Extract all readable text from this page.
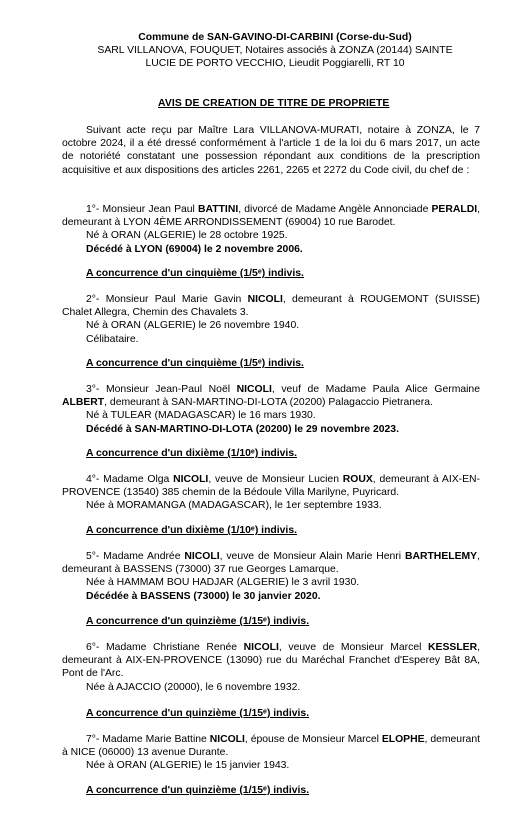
Commune de SAN-GAVINO-DI-CARBINI (Corse-du-Sud)
SARL VILLANOVA, FOUQUET, Notaires associés à ZONZA (20144) SAINTE
LUCIE DE PORTO VECCHIO, Lieudit Poggiarelli, RT 10
AVIS DE CREATION DE TITRE DE PROPRIETE
Suivant acte reçu par Maître Lara VILLANOVA-MURATI, notaire à ZONZA, le 7 octobre 2024, il a été dressé conformément à l'article 1 de la loi du 6 mars 2017, un acte de notoriété constatant une possession répondant aux conditions de la prescription acquisitive et aux dispositions des articles 2261, 2265 et 2272 du Code civil, du chef de :

1°- Monsieur Jean Paul BATTINI, divorcé de Madame Angèle Annonciade PERALDI, demeurant à LYON 4ÈME ARRONDISSEMENT (69004) 10 rue Barodet.

Né à ORAN (ALGERIE) le 28 octobre 1925.

Décédé à LYON (69004) le 2 novembre 2006.

A concurrence d'un cinquième (1/5ᵉ) indivis.

2°- Monsieur Paul Marie Gavin NICOLI, demeurant à ROUGEMONT (SUISSE) Chalet Allegra, Chemin des Chavalets 3.

Né à ORAN (ALGERIE) le 26 novembre 1940.

Célibataire.

A concurrence d'un cinquième (1/5ᵉ) indivis.

3°- Monsieur Jean-Paul Noël NICOLI, veuf de Madame Paula Alice Germaine ALBERT, demeurant à SAN-MARTINO-DI-LOTA (20200) Palagaccio Pietranera.

Né à TULEAR (MADAGASCAR) le 16 mars 1930.

Décédé à SAN-MARTINO-DI-LOTA (20200) le 29 novembre 2023.

A concurrence d'un dixième (1/10ᵉ) indivis.

4°- Madame Olga NICOLI, veuve de Monsieur Lucien ROUX, demeurant à AIX-EN-PROVENCE (13540) 385 chemin de la Bédoule Villa Marilyne, Puyricard.

Née à MORAMANGA (MADAGASCAR), le 1er septembre 1933.

A concurrence d'un dixième (1/10ᵉ) indivis.

5°- Madame Andrée NICOLI, veuve de Monsieur Alain Marie Henri BARTHELEMY, demeurant à BASSENS (73000) 37 rue Georges Lamarque.

Née à HAMMAM BOU HADJAR (ALGERIE) le 3 avril 1930.

Décédée à BASSENS (73000) le 30 janvier 2020.

A concurrence d'un quinzième (1/15ᵉ) indivis.

6°- Madame Christiane Renée NICOLI, veuve de Monsieur Marcel KESSLER, demeurant à AIX-EN-PROVENCE (13090) rue du Maréchal Franchet d'Esperey Bât 8A, Pont de l'Arc.

Née à AJACCIO (20000), le 6 novembre 1932.

A concurrence d'un quinzième (1/15ᵉ) indivis.

7°- Madame Marie Battine NICOLI, épouse de Monsieur Marcel ELOPHE, demeurant à NICE (06000) 13 avenue Durante.

Née à ORAN (ALGERIE) le 15 janvier 1943.

A concurrence d'un quinzième (1/15ᵉ) indivis.
